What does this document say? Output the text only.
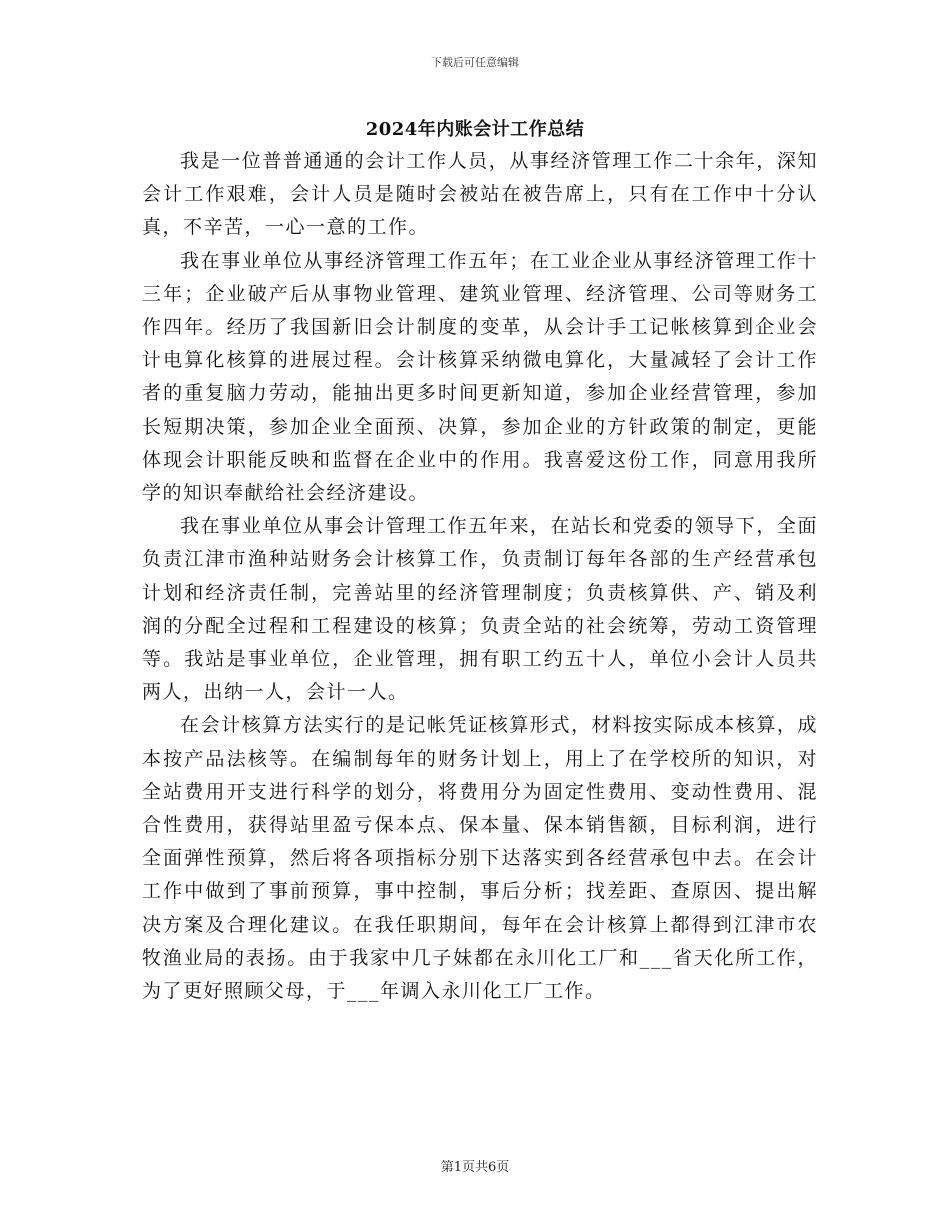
下载后可任意编辑
2024年内账会计工作总结

我是一位普普通通的会计工作人员，从事经济管理工作二十余年，深知会计工作艰难，会计人员是随时会被站在被告席上，只有在工作中十分认真，不辛苦，一心一意的工作。

我在事业单位从事经济管理工作五年；在工业企业从事经济管理工作十三年；企业破产后从事物业管理、建筑业管理、经济管理、公司等财务工作四年。经历了我国新旧会计制度的变革，从会计手工记帐核算到企业会计电算化核算的进展过程。会计核算采纳微电算化，大量减轻了会计工作者的重复脑力劳动，能抽出更多时间更新知道，参加企业经营管理，参加长短期决策，参加企业全面预、决算，参加企业的方针政策的制定，更能体现会计职能反映和监督在企业中的作用。我喜爱这份工作，同意用我所学的知识奉献给社会经济建设。

我在事业单位从事会计管理工作五年来，在站长和党委的领导下，全面负责江津市渔种站财务会计核算工作，负责制订每年各部的生产经营承包计划和经济责任制，完善站里的经济管理制度；负责核算供、产、销及利润的分配全过程和工程建设的核算；负责全站的社会统筹，劳动工资管理等。我站是事业单位，企业管理，拥有职工约五十人，单位小会计人员共两人，出纳一人，会计一人。

在会计核算方法实行的是记帐凭证核算形式，材料按实际成本核算，成本按产品法核等。在编制每年的财务计划上，用上了在学校所的知识，对全站费用开支进行科学的划分，将费用分为固定性费用、变动性费用、混合性费用，获得站里盈亏保本点、保本量、保本销售额，目标利润，进行全面弹性预算，然后将各项指标分别下达落实到各经营承包中去。在会计工作中做到了事前预算，事中控制，事后分析；找差距、查原因、提出解决方案及合理化建议。在我任职期间，每年在会计核算上都得到江津市农牧渔业局的表扬。由于我家中几子妹都在永川化工厂和___省天化所工作，为了更好照顾父母，于___年调入永川化工厂工作。

第1页共6页
